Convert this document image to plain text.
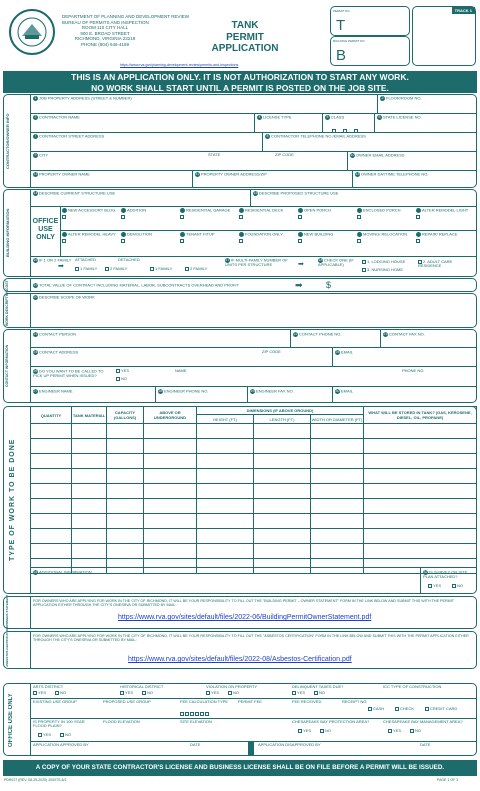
DEPARTMENT OF PLANNING AND DEVELOPMENT REVIEW
BUREAU OF PERMITS AND INSPECTION
ROOM 110 CITY HALL
900 E. BROAD STREET
RICHMOND, VIRGINIA 23219
PHONE (804) 646-4169
TANK
PERMIT
APPLICATION
PERMIT NO.
T
BUILDING PERMIT NO.
B
TRACK 1
https://www.rva.gov/planning-development-review/permits-and-inspections
THIS IS AN APPLICATION ONLY. IT IS NOT AUTHORIZATION TO START ANY WORK.
NO WORK SHALL START UNTIL A PERMIT IS POSTED ON THE JOB SITE.
CONTRACTOR/OWNER INFO
1 JOB PROPERTY ADDRESS (STREET & NUMBER)	2 FLOOR/ROOM NO.
3 CONTRACTOR NAME	4 LICENSE TYPE	5 CLASS	6 STATE LICENSE NO.
7 CONTRACTOR STREET ADDRESS	8 CONTRACTOR TELEPHONE NO./EMAIL ADDRESS
9 CITY	STATE	ZIP CODE	10 OWNER EMAIL ADDRESS
11 PROPERTY OWNER NAME	12 PROPERTY OWNER ADDRESS/ZIP	13 OWNER DAYTIME TELEPHONE NO.
BUILDING INFORMATION
14 DESCRIBE CURRENT STRUCTURE USE	15 DESCRIBE PROPOSED STRUCTURE USE
OFFICE USE ONLY
NEW ACCESSORY BLDG.	ADDITION	RESIDENTIAL GARAGE	RESIDENTIAL DECK	OPEN PORCH	ENCLOSED PORCH	ALTER REMODEL LIGHT

ALTER REMODEL HEAVY	DEMOLITION	TENANT FITUP	FOUNDATION ONLY	NEW BUILDING	MOVING/ RELOCATION	REPAIR/ REPLACE

16 IF 1 OR 2 FAMILY
➡
ATTACHED	DETACHED
1 FAMILY	2 FAMILY	1 FAMILY	2 FAMILY
17 IF MULTI-FAMILY NUMBER OF UNITS PER STRUCTURE	➡
18 CHECK ONE (IF APPLICABLE)
1. LODGING HOUSE	2. ADULT CARE RESIDENCE
3. NURSING HOME
COST	19 TOTAL VALUE OF CONTRACT INCLUDING MATERIAL, LABOR, SUBCONTRACTS OVERHEAD AND PROFIT	➡	$
WORK DESCRIPTION	20 DESCRIBE SCOPE OF WORK
CONTACT INFORMATION
21 CONTACT PERSON	22 CONTACT PHONE NO.	23 CONTACT FAX NO.
24 CONTACT ADDRESS	ZIP CODE	25 EMAIL
26 DO YOU WANT TO BE CALLED TO PICK UP PERMIT WHEN ISSUED?
YES
NO
NAME	PHONE NO.
27 ENGINEER NAME	28 ENGINEER PHONE NO.	29 ENGINEER FAX NO.	30 EMAIL
TYPE OF WORK TO BE DONE
QUANTITY	TANK MATERIAL	CAPACITY (GALLONS)	ABOVE OR UNDERGROUND	DIMENSIONS (IF ABOVE GROUND)			WHAT WILL BE STORED IN TANK? (GAS, KEROSENE, DIESEL, OIL, PROPANE)
				HEIGHT (FT)	LENGTH (FT)	WIDTH OR DIAMETER (FT)	

31 ADDITIONAL INFORMATION	32 IS SURVEY OR SITE PLAN ATTACHED?
YES	NO
OWNERS STATEMENT	FOR OWNERS WHO ARE APPLYING FOR WORK IN THE CITY OF RICHMOND, IT WILL BE YOUR RESPONSIBILITY TO FILL OUT THE "BUILDING PERMIT – OWNER STATEMENT" FORM IN THE LINK BELOW AND SUBMIT THIS WITH THE PERMIT APPLICATION EITHER THROUGH THE CITY'S ONESRVA OR SUBMITTED BY MAIL:
https://www.rva.gov/sites/default/files/2022-06/BuildingPermitOwnerStatement.pdf
ASBESTOS CERTIFICATION	FOR OWNERS WHO ARE APPLYING FOR WORK IN THE CITY OF RICHMOND, IT WILL BE YOUR RESPONSIBILITY TO FILL OUT THE "ASBESTOS CERTIFICATION" FORM IN THE LINK BELOW AND SUBMIT THIS WITH THE PERMIT APPLICATION EITHER THROUGH THE CITY'S ONESRVA OR SUBMITTED BY MAIL:
https://www.rva.gov/sites/default/files/2022-08/Asbestos-Certification.pdf
OFFICE USE ONLY
ARTS DISTRICT	HISTORICAL DISTRICT	VIOLATION ON PROPERTY	DELINQUENT TAXES DUE?	ICC TYPE OF CONSTRUCTION
YES	NO	YES	NO	YES	NO	YES	NO
EXISTING USE GROUP	PROPOSED USE GROUP	FEE CALCULATION TYPE PERMIT FEE	FEE RECEIVED	RECEIPT NO.
CASH	CHECK	CREDIT CARD
IS PROPERTY IN 100 YEAR FLOOD PLAIN?
FLOOD ELEVATION	SITE ELEVATION	CHESAPEAKE BAY PROTECTION AREA?	CHESAPEAKE BAY MANAGEMENT AREA?
YES	NO
YES	NO	YES	NO
APPLICATION APPROVED BY	DATE	APPLICATION DISAPPROVED BY	DATE
A COPY OF YOUR STATE CONTRACTOR'S LICENSE AND BUSINESS LICENSE SHALL BE ON FILE BEFORE A PERMIT WILL BE ISSUED.
PDR027 (REV. 08-25-2020) 2000TS-6/1	PAGE 1 OF 3
